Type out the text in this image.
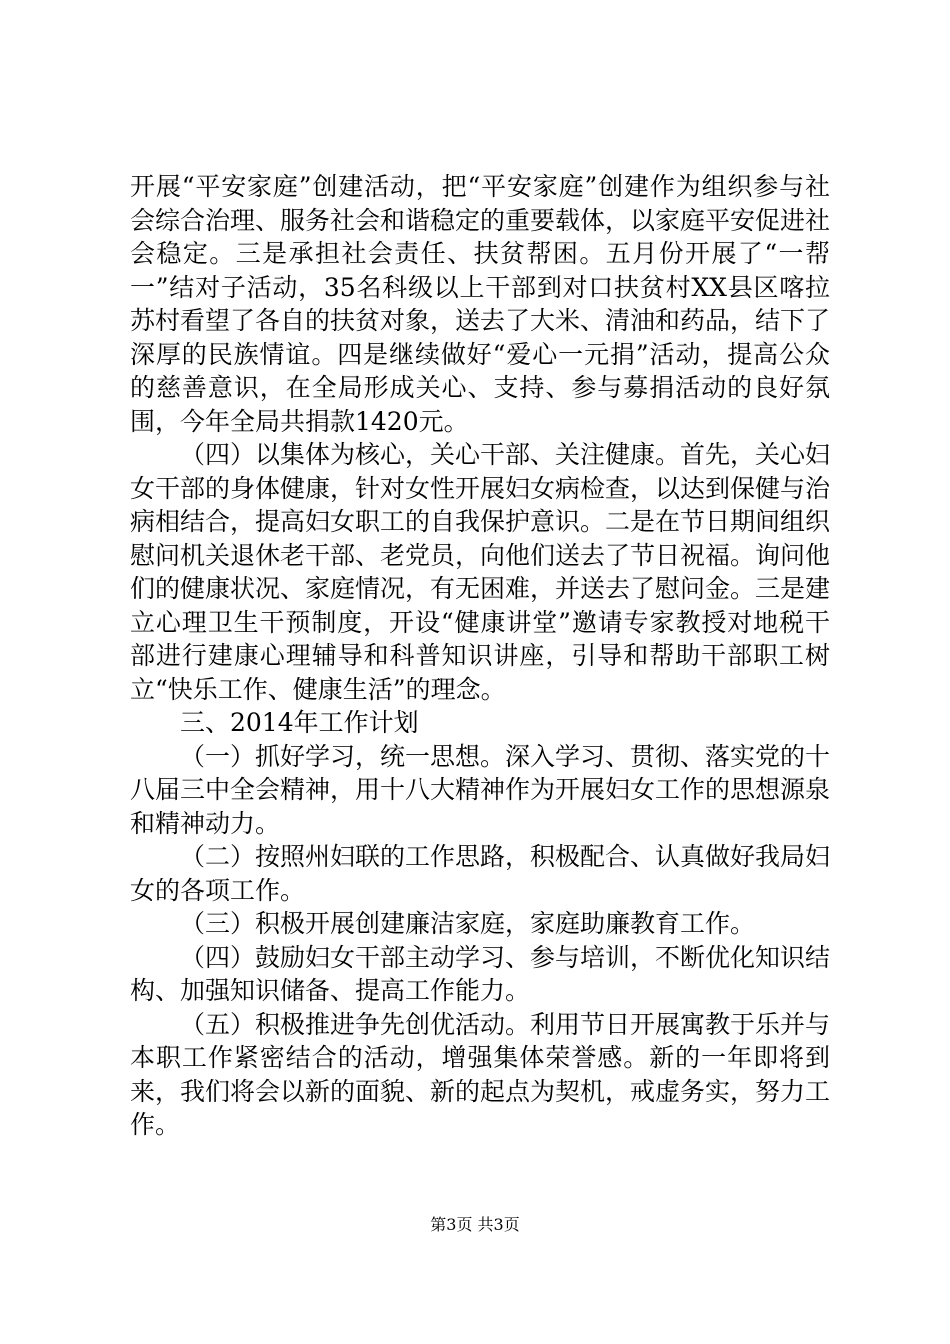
开展“平安家庭”创建活动，把“平安家庭”创建作为组织参与社会综合治理、服务社会和谐稳定的重要载体，以家庭平安促进社会稳定。三是承担社会责任、扶贫帮困。五月份开展了“一帮一”结对子活动，35名科级以上干部到对口扶贫村XX县区喀拉苏村看望了各自的扶贫对象，送去了大米、清油和药品，结下了深厚的民族情谊。四是继续做好“爱心一元捐”活动，提高公众的慈善意识，在全局形成关心、支持、参与募捐活动的良好氛围，今年全局共捐款1420元。

（四）以集体为核心，关心干部、关注健康。首先，关心妇女干部的身体健康，针对女性开展妇女病检查，以达到保健与治病相结合，提高妇女职工的自我保护意识。二是在节日期间组织慰问机关退休老干部、老党员，向他们送去了节日祝福。询问他们的健康状况、家庭情况，有无困难，并送去了慰问金。三是建立心理卫生干预制度，开设“健康讲堂”邀请专家教授对地税干部进行建康心理辅导和科普知识讲座，引导和帮助干部职工树立“快乐工作、健康生活”的理念。

三、2014年工作计划

（一）抓好学习，统一思想。深入学习、贯彻、落实党的十八届三中全会精神，用十八大精神作为开展妇女工作的思想源泉和精神动力。

（二）按照州妇联的工作思路，积极配合、认真做好我局妇女的各项工作。

（三）积极开展创建廉洁家庭，家庭助廉教育工作。

（四）鼓励妇女干部主动学习、参与培训，不断优化知识结构、加强知识储备、提高工作能力。

（五）积极推进争先创优活动。利用节日开展寓教于乐并与本职工作紧密结合的活动，增强集体荣誉感。新的一年即将到来，我们将会以新的面貌、新的起点为契机，戒虚务实，努力工作。

第3页 共3页
